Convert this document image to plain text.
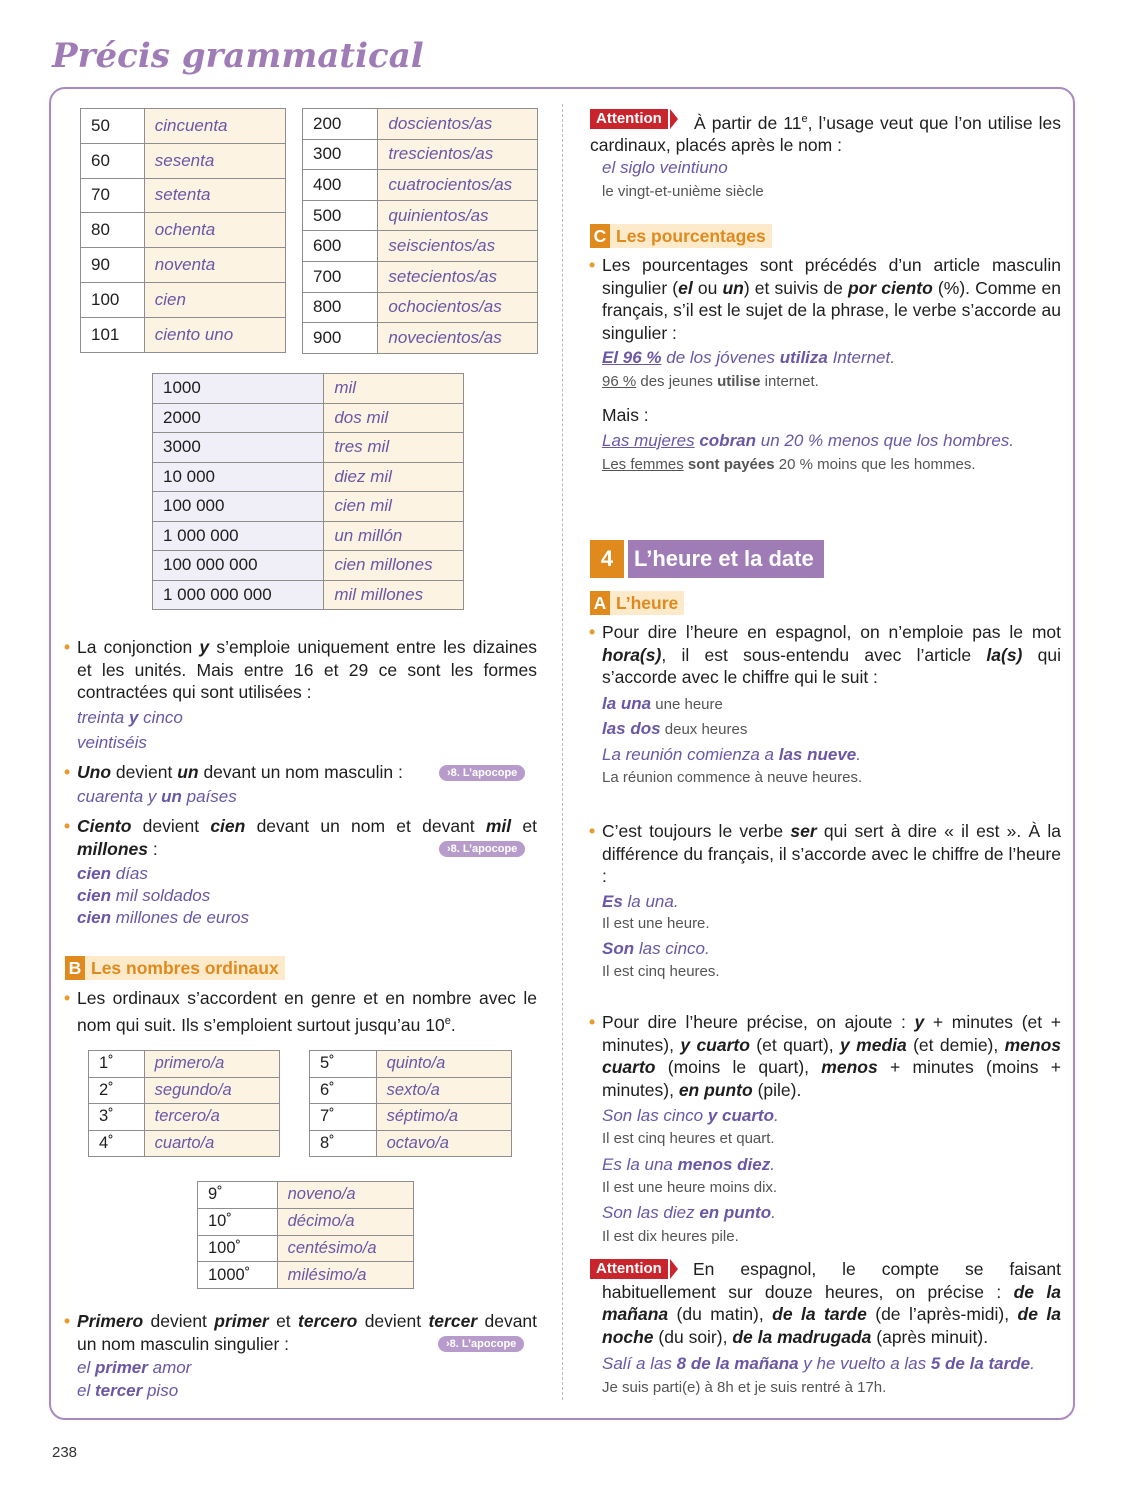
Précis grammatical
50	cincuenta
60	sesenta
70	setenta
80	ochenta
90	noventa
100	cien
101	ciento uno
200	doscientos/as
300	trescientos/as
400	cuatrocientos/as
500	quinientos/as
600	seiscientos/as
700	setecientos/as
800	ochocientos/as
900	novecientos/as
1000	mil
2000	dos mil
3000	tres mil
10 000	diez mil
100 000	cien mil
1 000 000	un millón
100 000 000	cien millones
1 000 000 000	mil millones
• La conjonction y s’emploie uniquement entre les dizaines et les unités. Mais entre 16 et 29 ce sont les formes contractées qui sont utilisées :
treinta y cinco
veintiséis
• Uno devient un devant un nom masculin :	›8. L’apocope
cuarenta y un países
• Ciento devient cien devant un nom et devant mil et millones :	›8. L’apocope
cien días
cien mil soldados
cien millones de euros
B Les nombres ordinaux
• Les ordinaux s’accordent en genre et en nombre avec le nom qui suit. Ils s’emploient surtout jusqu’au 10e.
1˚	primero/a
2˚	segundo/a
3˚	tercero/a
4˚	cuarto/a
5˚	quinto/a
6˚	sexto/a
7˚	séptimo/a
8˚	octavo/a
9˚	noveno/a
10˚	décimo/a
100˚	centésimo/a
1000˚	milésimo/a
• Primero devient primer et tercero devient tercer devant un nom masculin singulier :	›8. L’apocope
el primer amor
el tercer piso
Attention	À partir de 11e, l’usage veut que l’on utilise les cardinaux, placés après le nom :
el siglo veintiuno
le vingt-et-unième siècle
C Les pourcentages
• Les pourcentages sont précédés d’un article masculin singulier (el ou un) et suivis de por ciento (%). Comme en français, s’il est le sujet de la phrase, le verbe s’accorde au singulier :
El 96 % de los jóvenes utiliza Internet.
96 % des jeunes utilise internet.
Mais :
Las mujeres cobran un 20 % menos que los hombres.
Les femmes sont payées 20 % moins que les hommes.
4 L’heure et la date
A L’heure
• Pour dire l’heure en espagnol, on n’emploie pas le mot hora(s), il est sous-entendu avec l’article la(s) qui s’accorde avec le chiffre qui le suit :
la una une heure
las dos deux heures
La reunión comienza a las nueve.
La réunion commence à neuve heures.
• C’est toujours le verbe ser qui sert à dire « il est ». À la différence du français, il s’accorde avec le chiffre de l’heure :
Es la una.
Il est une heure.
Son las cinco.
Il est cinq heures.
• Pour dire l’heure précise, on ajoute : y + minutes (et + minutes), y cuarto (et quart), y media (et demie), menos cuarto (moins le quart), menos + minutes (moins + minutes), en punto (pile).
Son las cinco y cuarto.
Il est cinq heures et quart.
Es la una menos diez.
Il est une heure moins dix.
Son las diez en punto.
Il est dix heures pile.
Attention	En espagnol, le compte se faisant habituellement sur douze heures, on précise : de la mañana (du matin), de la tarde (de l’après-midi), de la noche (du soir), de la madrugada (après minuit).
Salí a las 8 de la mañana y he vuelto a las 5 de la tarde.
Je suis parti(e) à 8h et je suis rentré à 17h.
238
